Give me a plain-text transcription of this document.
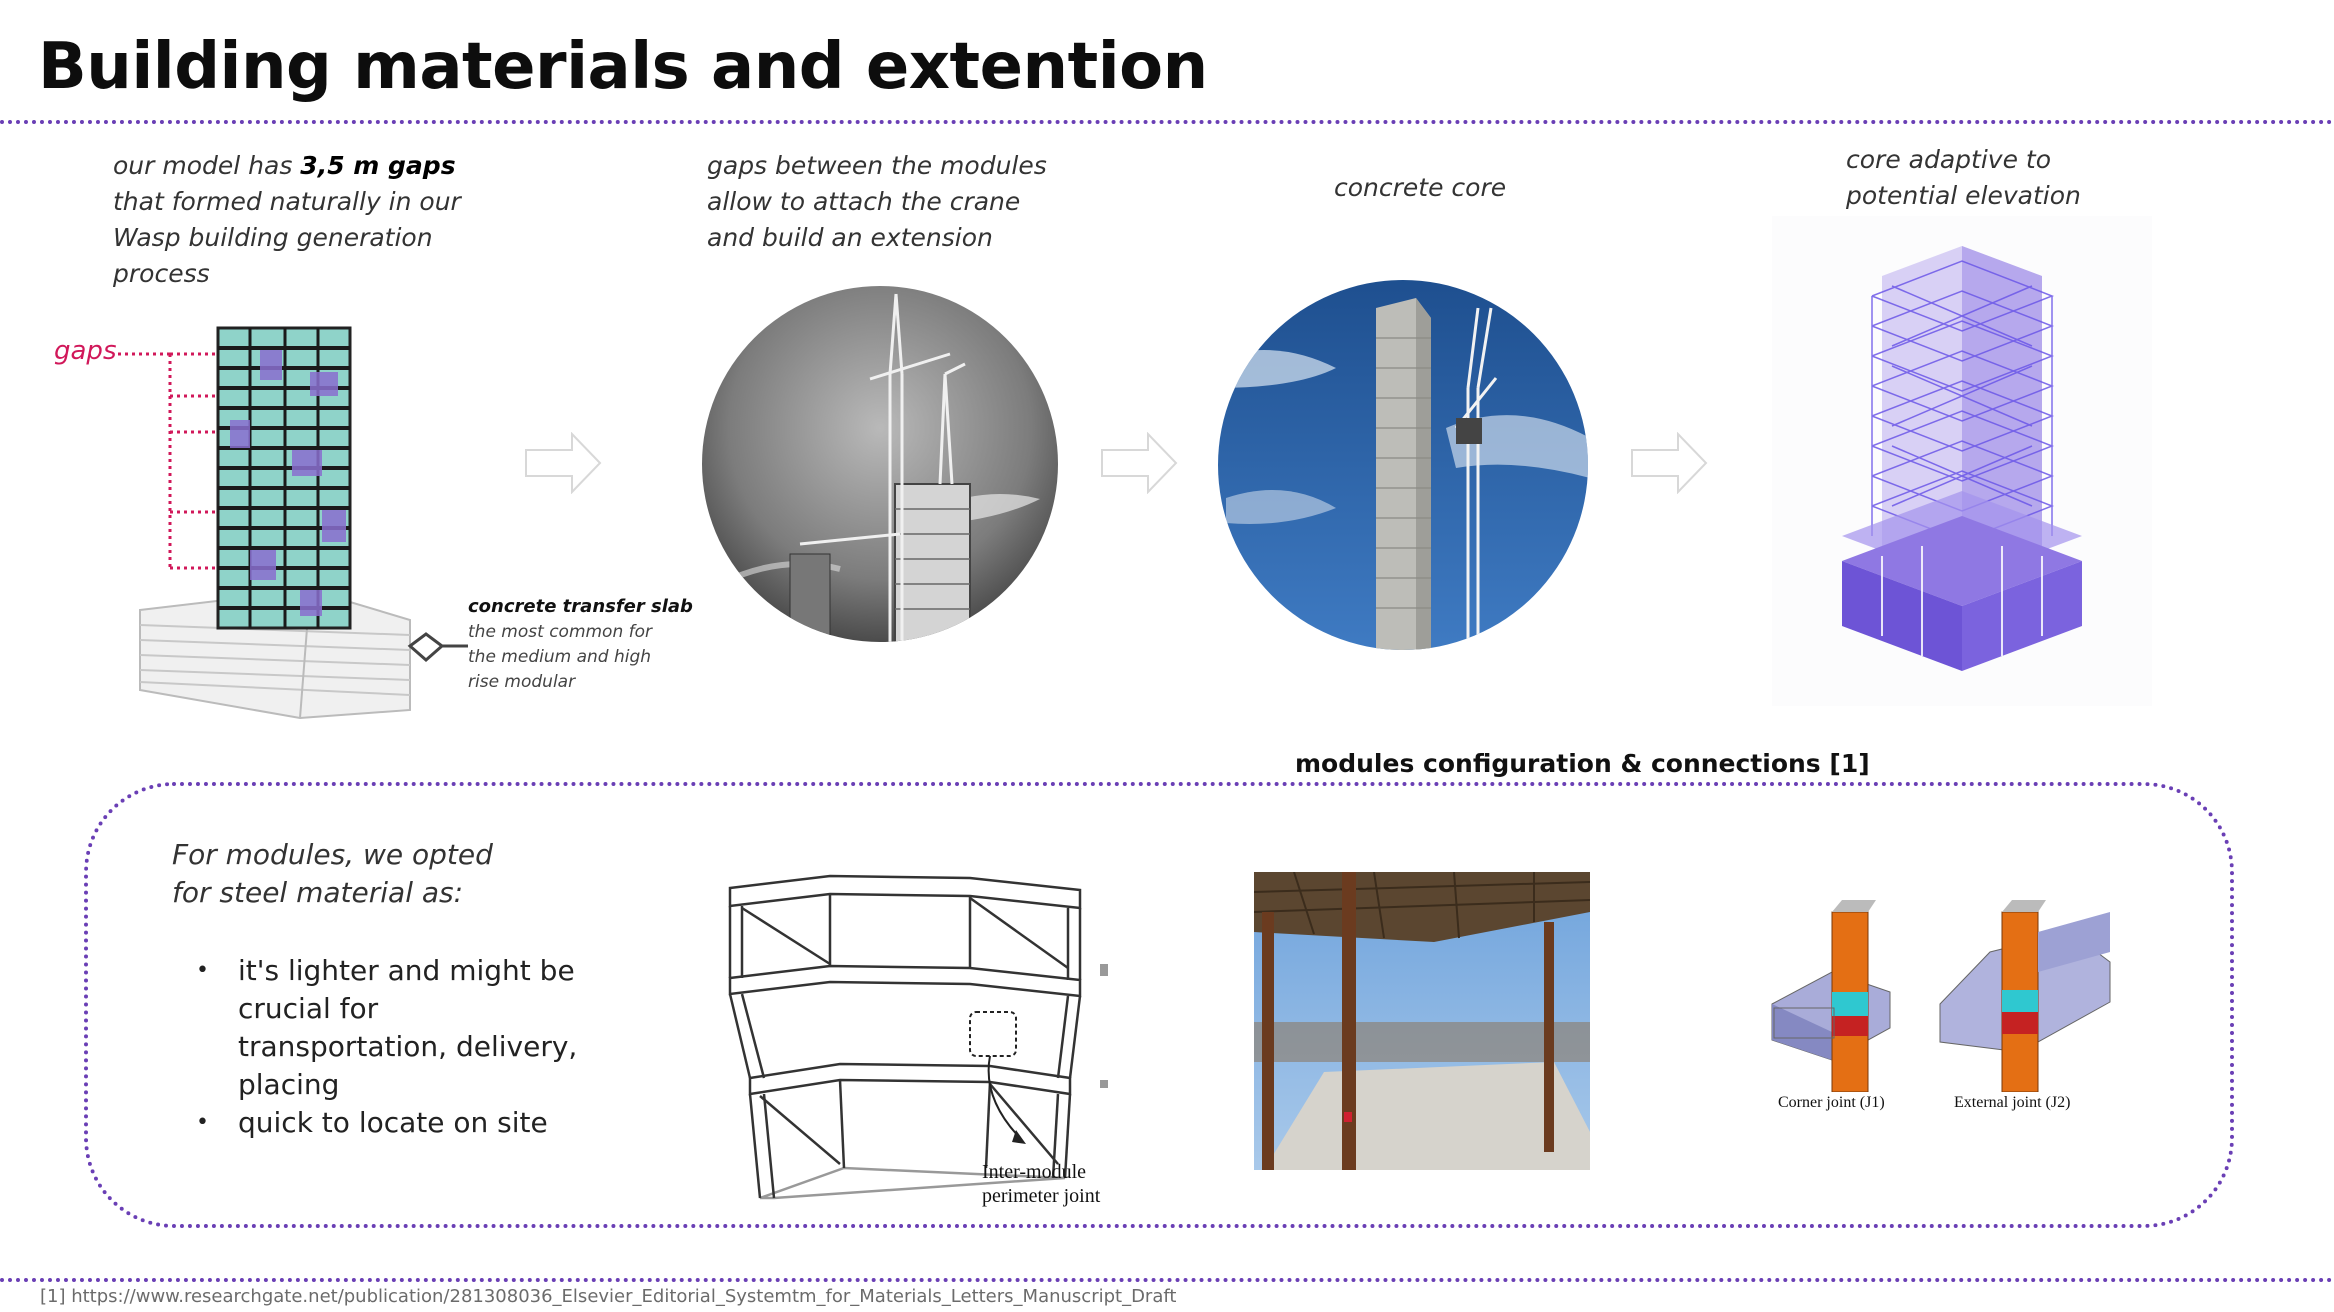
Building materials and extention
our model has 3,5 m gaps that formed naturally in our Wasp building generation process
gaps
concrete transfer slab
the most common for the medium and high rise modular
gaps between the modules allow to attach the crane and build an extension
concrete core
core adaptive to potential elevation
modules configuration & connections [1]
For modules, we opted for steel material as:
• it's lighter and might be crucial for transportation, delivery, placing
• quick to locate on site
Inter-module
perimeter joint
Corner joint (J1)	External joint (J2)
[1] https://www.researchgate.net/publication/281308036_Elsevier_Editorial_Systemtm_for_Materials_Letters_Manuscript_Draft
